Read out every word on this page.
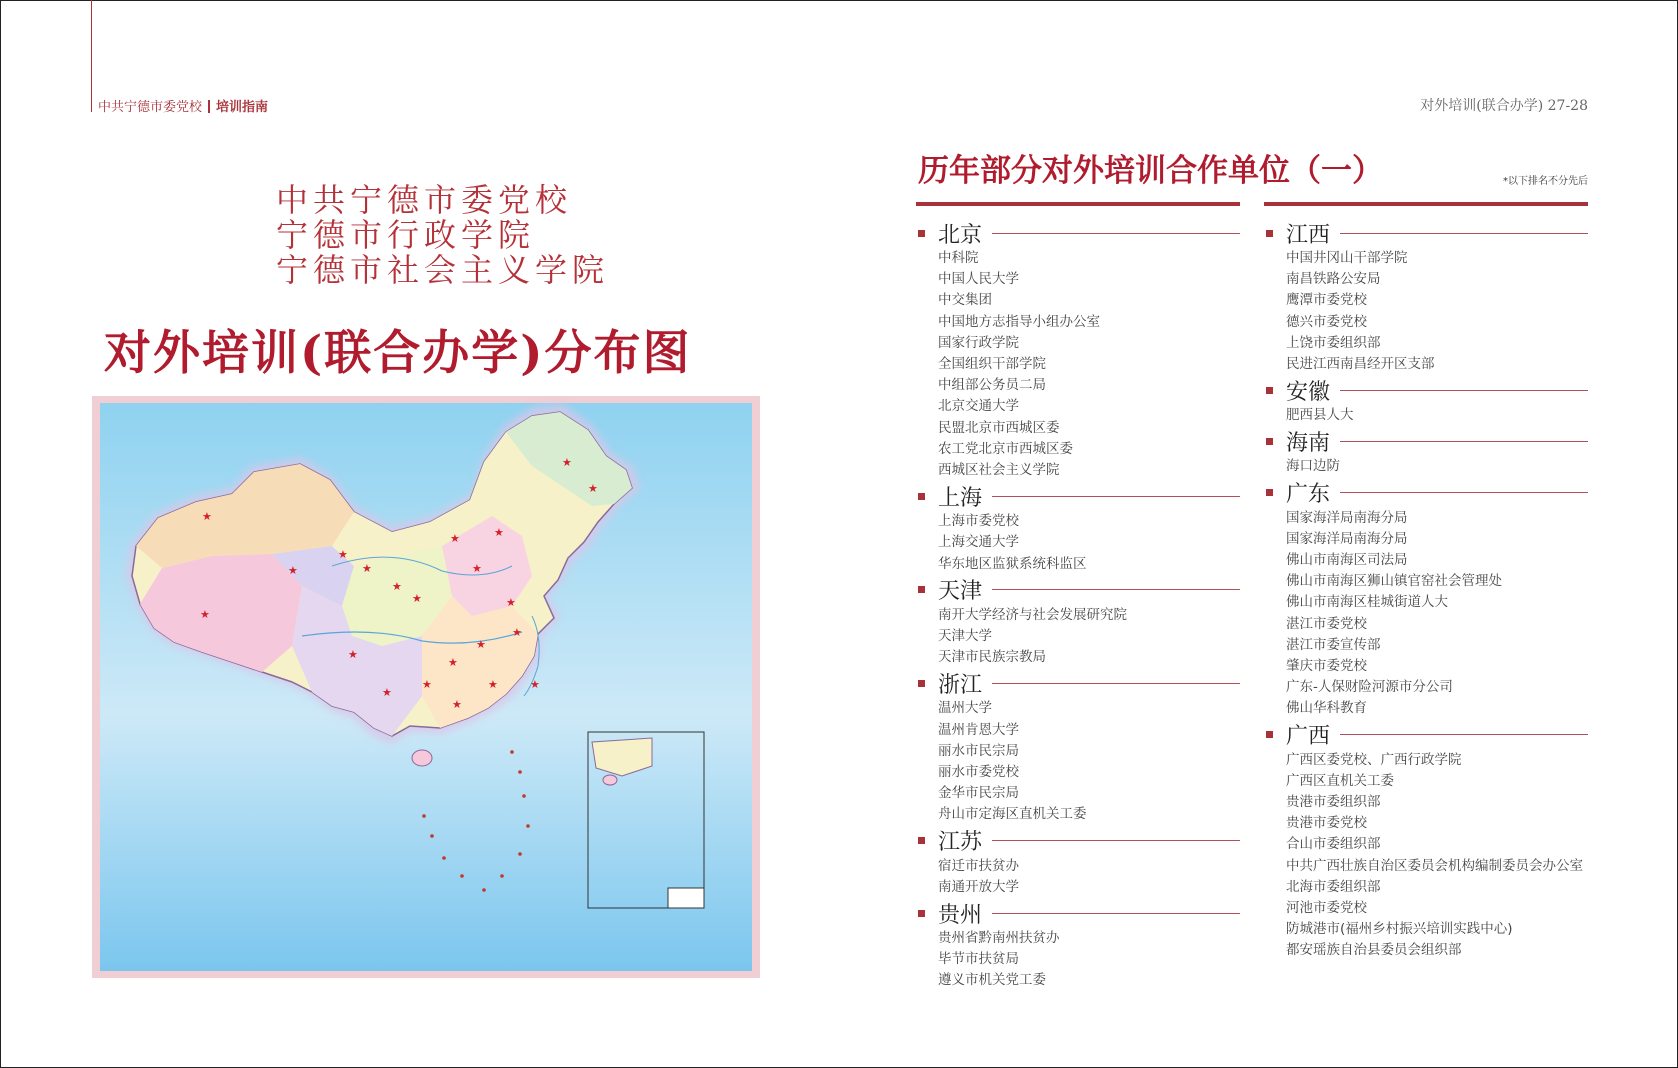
中共宁德市委党校 培训指南	对外培训(联合办学) 27-28
中共宁德市委党校
宁德市行政学院
宁德市社会主义学院
对外培训(联合办学)分布图
★
★
★
★
★
★
★
★
★
★
★
★
★
★
★
★
★
★
★
★
★
★
历年部分对外培训合作单位（一）	*以下排名不分先后
北京
中科院
中国人民大学
中交集团
中国地方志指导小组办公室
国家行政学院
全国组织干部学院
中组部公务员二局
北京交通大学
民盟北京市西城区委
农工党北京市西城区委
西城区社会主义学院
上海
上海市委党校
上海交通大学
华东地区监狱系统科监区
天津
南开大学经济与社会发展研究院
天津大学
天津市民族宗教局
浙江
温州大学
温州肯恩大学
丽水市民宗局
丽水市委党校
金华市民宗局
舟山市定海区直机关工委
江苏
宿迁市扶贫办
南通开放大学
贵州
贵州省黔南州扶贫办
毕节市扶贫局
遵义市机关党工委
江西
中国井冈山干部学院
南昌铁路公安局
鹰潭市委党校
德兴市委党校
上饶市委组织部
民进江西南昌经开区支部
安徽
肥西县人大
海南
海口边防
广东
国家海洋局南海分局
国家海洋局南海分局
佛山市南海区司法局
佛山市南海区狮山镇官窑社会管理处
佛山市南海区桂城街道人大
湛江市委党校
湛江市委宣传部
肇庆市委党校
广东-人保财险河源市分公司
佛山华科教育
广西
广西区委党校、广西行政学院
广西区直机关工委
贵港市委组织部
贵港市委党校
合山市委组织部
中共广西壮族自治区委员会机构编制委员会办公室
北海市委组织部
河池市委党校
防城港市(福州乡村振兴培训实践中心)
都安瑶族自治县委员会组织部
